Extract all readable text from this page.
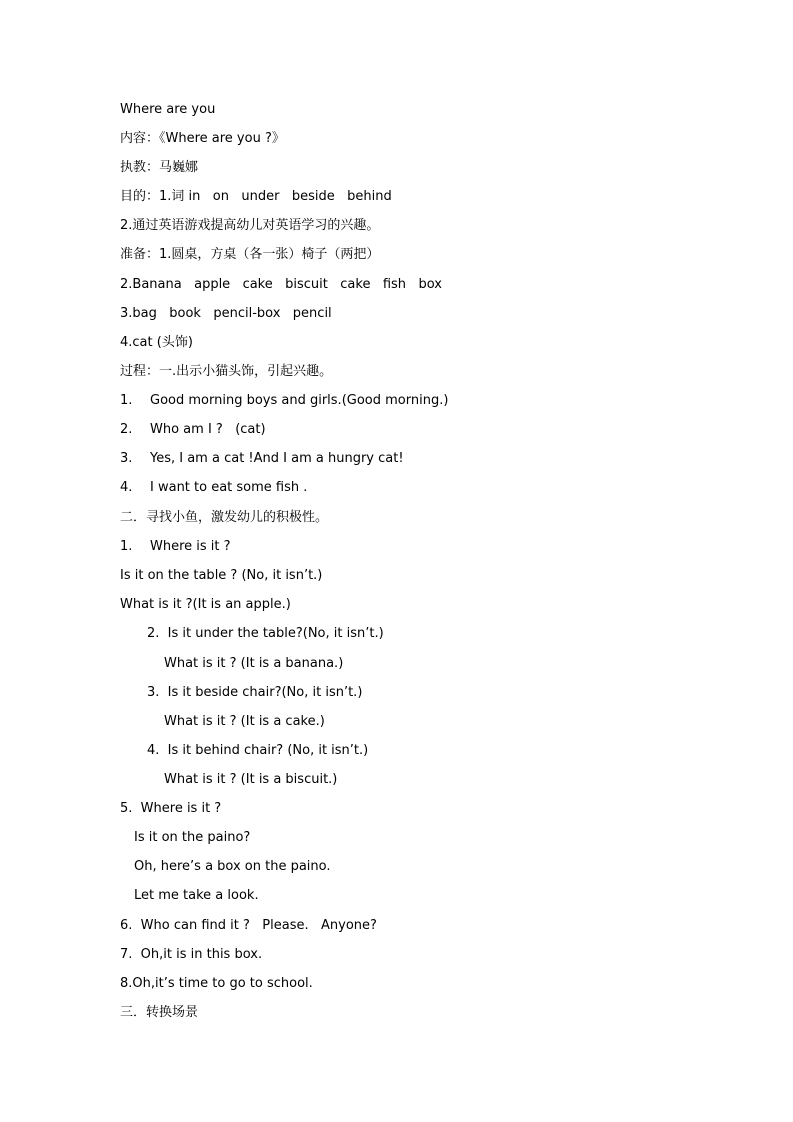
Where are you
内容：《Where are you ?》
执教：马巍娜
目的：1.词 in   on   under   beside   behind
2.通过英语游戏提高幼儿对英语学习的兴趣。
准备：1.圆桌，方桌（各一张）椅子（两把）
2.Banana   apple   cake   biscuit   cake   fish   box
3.bag   book   pencil-box   pencil
4.cat (头饰)
过程：一.出示小猫头饰，引起兴趣。
1. Good morning boys and girls.(Good morning.)
2. Who am I ?   (cat)
3. Yes, I am a cat !And I am a hungry cat!
4. I want to eat some fish .
二．寻找小鱼，激发幼儿的积极性。
1. Where is it ?
Is it on the table ? (No, it isn’t.)
What is it ?(It is an apple.)
2.  Is it under the table?(No, it isn’t.)
What is it ? (It is a banana.)
3.  Is it beside chair?(No, it isn’t.)
What is it ? (It is a cake.)
4.  Is it behind chair? (No, it isn’t.)
What is it ? (It is a biscuit.)
5.  Where is it ?
Is it on the paino?
Oh, here’s a box on the paino.
Let me take a look.
6.  Who can find it ?   Please.   Anyone?
7.  Oh,it is in this box.
8.Oh,it’s time to go to school.
三．转换场景
